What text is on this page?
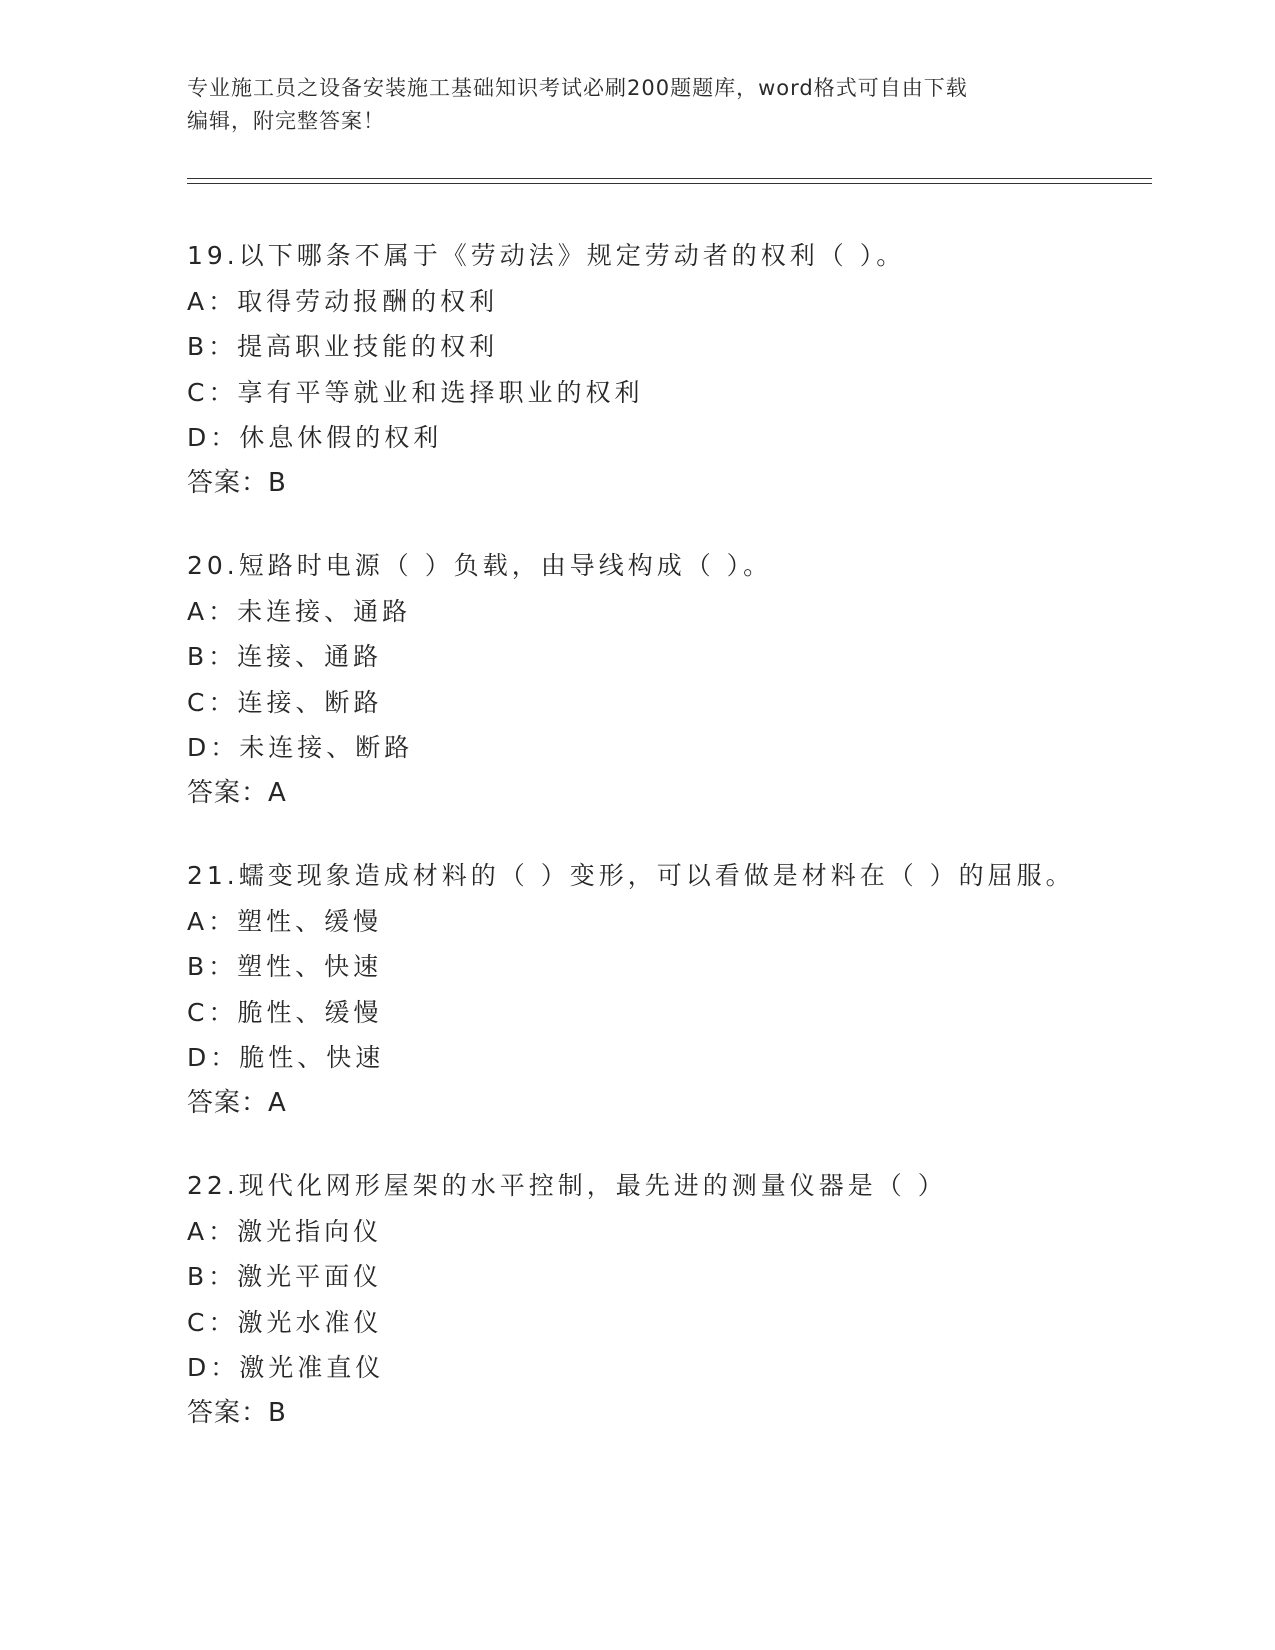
专业施工员之设备安装施工基础知识考试必刷200题题库，word格式可自由下载
编辑，附完整答案！
19.以下哪条不属于《劳动法》规定劳动者的权利（ ）。
A：取得劳动报酬的权利
B：提高职业技能的权利
C：享有平等就业和选择职业的权利
D：休息休假的权利
答案：B
20.短路时电源（ ）负载，由导线构成（ ）。
A：未连接、通路
B：连接、通路
C：连接、断路
D：未连接、断路
答案：A
21.蠕变现象造成材料的（ ）变形，可以看做是材料在（ ）的屈服。
A：塑性、缓慢
B：塑性、快速
C：脆性、缓慢
D：脆性、快速
答案：A
22.现代化网形屋架的水平控制，最先进的测量仪器是（ ）
A：激光指向仪
B：激光平面仪
C：激光水准仪
D：激光准直仪
答案：B
